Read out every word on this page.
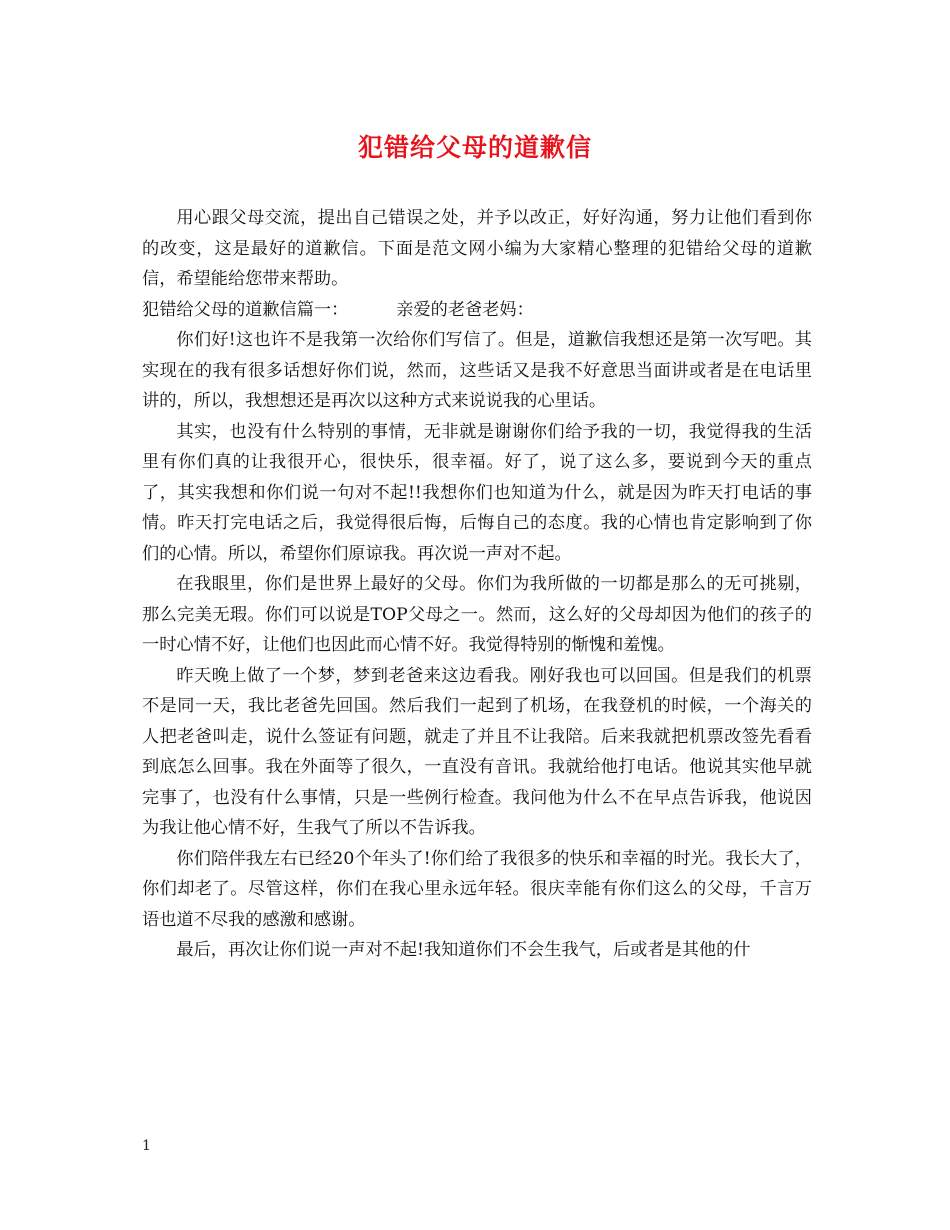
犯错给父母的道歉信

用心跟父母交流，提出自己错误之处，并予以改正，好好沟通，努力让他们看到你的改变，这是最好的道歉信。下面是范文网小编为大家精心整理的犯错给父母的道歉信，希望能给您带来帮助。

犯错给父母的道歉信篇一：	亲爱的老爸老妈：

你们好!这也许不是我第一次给你们写信了。但是，道歉信我想还是第一次写吧。其实现在的我有很多话想好你们说，然而，这些话又是我不好意思当面讲或者是在电话里讲的，所以，我想想还是再次以这种方式来说说我的心里话。

其实，也没有什么特别的事情，无非就是谢谢你们给予我的一切，我觉得我的生活里有你们真的让我很开心，很快乐，很幸福。好了，说了这么多，要说到今天的重点了，其实我想和你们说一句对不起!!我想你们也知道为什么，就是因为昨天打电话的事情。昨天打完电话之后，我觉得很后悔，后悔自己的态度。我的心情也肯定影响到了你们的心情。所以，希望你们原谅我。再次说一声对不起。

在我眼里，你们是世界上最好的父母。你们为我所做的一切都是那么的无可挑剔，那么完美无瑕。你们可以说是TOP父母之一。然而，这么好的父母却因为他们的孩子的一时心情不好，让他们也因此而心情不好。我觉得特别的惭愧和羞愧。

昨天晚上做了一个梦，梦到老爸来这边看我。刚好我也可以回国。但是我们的机票不是同一天，我比老爸先回国。然后我们一起到了机场，在我登机的时候，一个海关的人把老爸叫走，说什么签证有问题，就走了并且不让我陪。后来我就把机票改签先看看到底怎么回事。我在外面等了很久，一直没有音讯。我就给他打电话。他说其实他早就完事了，也没有什么事情，只是一些例行检查。我问他为什么不在早点告诉我，他说因为我让他心情不好，生我气了所以不告诉我。

你们陪伴我左右已经20个年头了!你们给了我很多的快乐和幸福的时光。我长大了，你们却老了。尽管这样，你们在我心里永远年轻。很庆幸能有你们这么的父母，千言万语也道不尽我的感激和感谢。

最后，再次让你们说一声对不起!我知道你们不会生我气，后或者是其他的什

1
